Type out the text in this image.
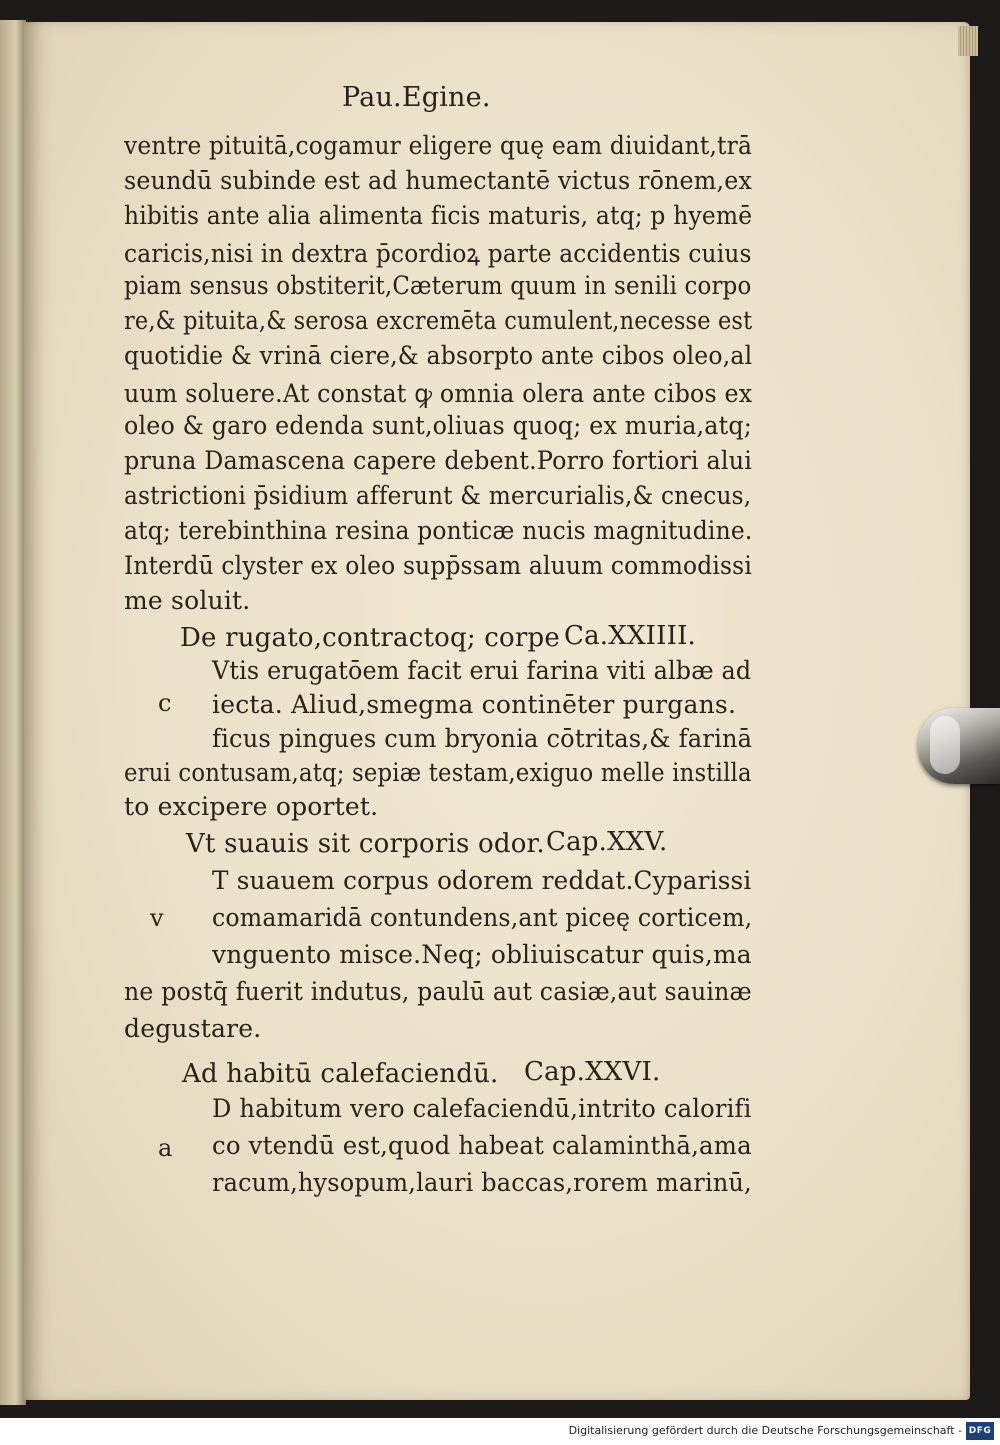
Pau.Egine.
ventre pituitā,cogamur eligere quę eam diuidant,trā
seundū subinde est ad humectantē victus rōnem,ex
hibitis ante alia alimenta ficis maturis, atq; p hyemē
caricis,nisi in dextra p̄cordioꝝ parte accidentis cuius
piam sensus obstiterit,Cæterum quum in senili corpo
re,& pituita,& serosa excremēta cumulent,necesse est
quotidie & vrinā ciere,& absorpto ante cibos oleo,al
uum soluere.At constat ꝙ omnia olera ante cibos ex
oleo & garo edenda sunt,oliuas quoq; ex muria,atq;
pruna Damascena capere debent.Porro fortiori alui
astrictioni p̄sidium afferunt & mercurialis,& cnecus,
atq; terebinthina resina ponticæ nucis magnitudine.
Interdū clyster ex oleo supp̄ssam aluum commodissi
me soluit.
De rugato,contractoq; corpe Ca.XXIIII.
c
Vtis erugatōem facit erui farina viti albæ ad
iecta. Aliud,smegma continēter purgans.
ficus pingues cum bryonia cōtritas,& farinā
erui contusam,atq; sepiæ testam,exiguo melle instilla
to excipere oportet.
Vt suauis sit corporis odor. Cap.XXV.
v
T suauem corpus odorem reddat.Cyparissi
comamaridā contundens,ant piceę corticem,
vnguento misce.Neq; obliuiscatur quis,ma
ne postq̄ fuerit indutus, paulū aut casiæ,aut sauinæ
degustare.
Ad habitū calefaciendū. Cap.XXVI.
a
D habitum vero calefaciendū,intrito calorifi
co vtendū est,quod habeat calaminthā,ama
racum,hysopum,lauri baccas,rorem marinū,
Digitalisierung gefördert durch die Deutsche Forschungsgemeinschaft - DFG
